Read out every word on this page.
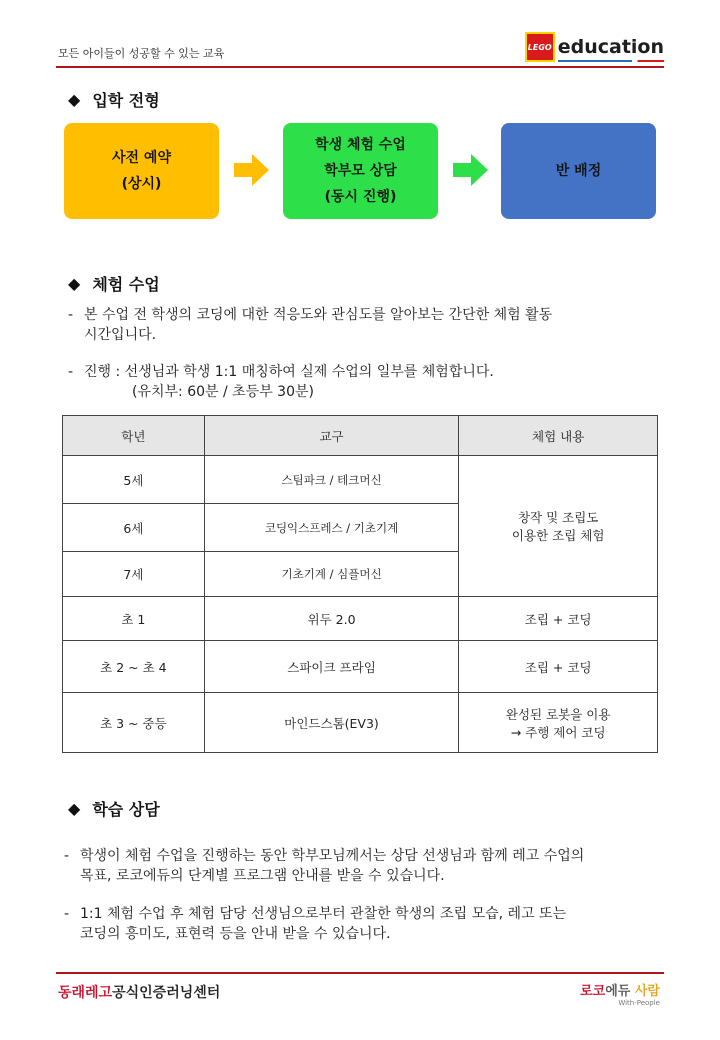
모든 아이들이 성공할 수 있는 교육	LEGO education
◆ 입학 전형
사전 예약
(상시)
학생 체험 수업
학부모 상담
(동시 진행)
반 배정
◆ 체험 수업
- 본 수업 전 학생의 코딩에 대한 적응도와 관심도를 알아보는 간단한 체험 활동
시간입니다.
- 진행 : 선생님과 학생 1:1 매칭하여 실제 수업의 일부를 체험합니다.
(유치부: 60분 / 초등부 30분)
학년	교구	체험 내용
5세	스팀파크 / 테크머신	창작 및 조립도
이용한 조립 체험

6세	코딩익스프레스 / 기초기계	
7세	기초기계 / 심플머신	
초 1	위두 2.0	조립 + 코딩
초 2 ~ 초 4	스파이크 프라임	조립 + 코딩
초 3 ~ 중등	마인드스톰(EV3)	완성된 로봇을 이용
→ 주행 제어 코딩
◆ 학습 상담
- 학생이 체험 수업을 진행하는 동안 학부모님께서는 상담 선생님과 함께 레고 수업의
목표, 로코에듀의 단계별 프로그램 안내를 받을 수 있습니다.
- 1:1 체험 수업 후 체험 담당 선생님으로부터 관찰한 학생의 조립 모습, 레고 또는
코딩의 흥미도, 표현력 등을 안내 받을 수 있습니다.
동래레고공식인증러닝센터	로코에듀 사람
With-People
